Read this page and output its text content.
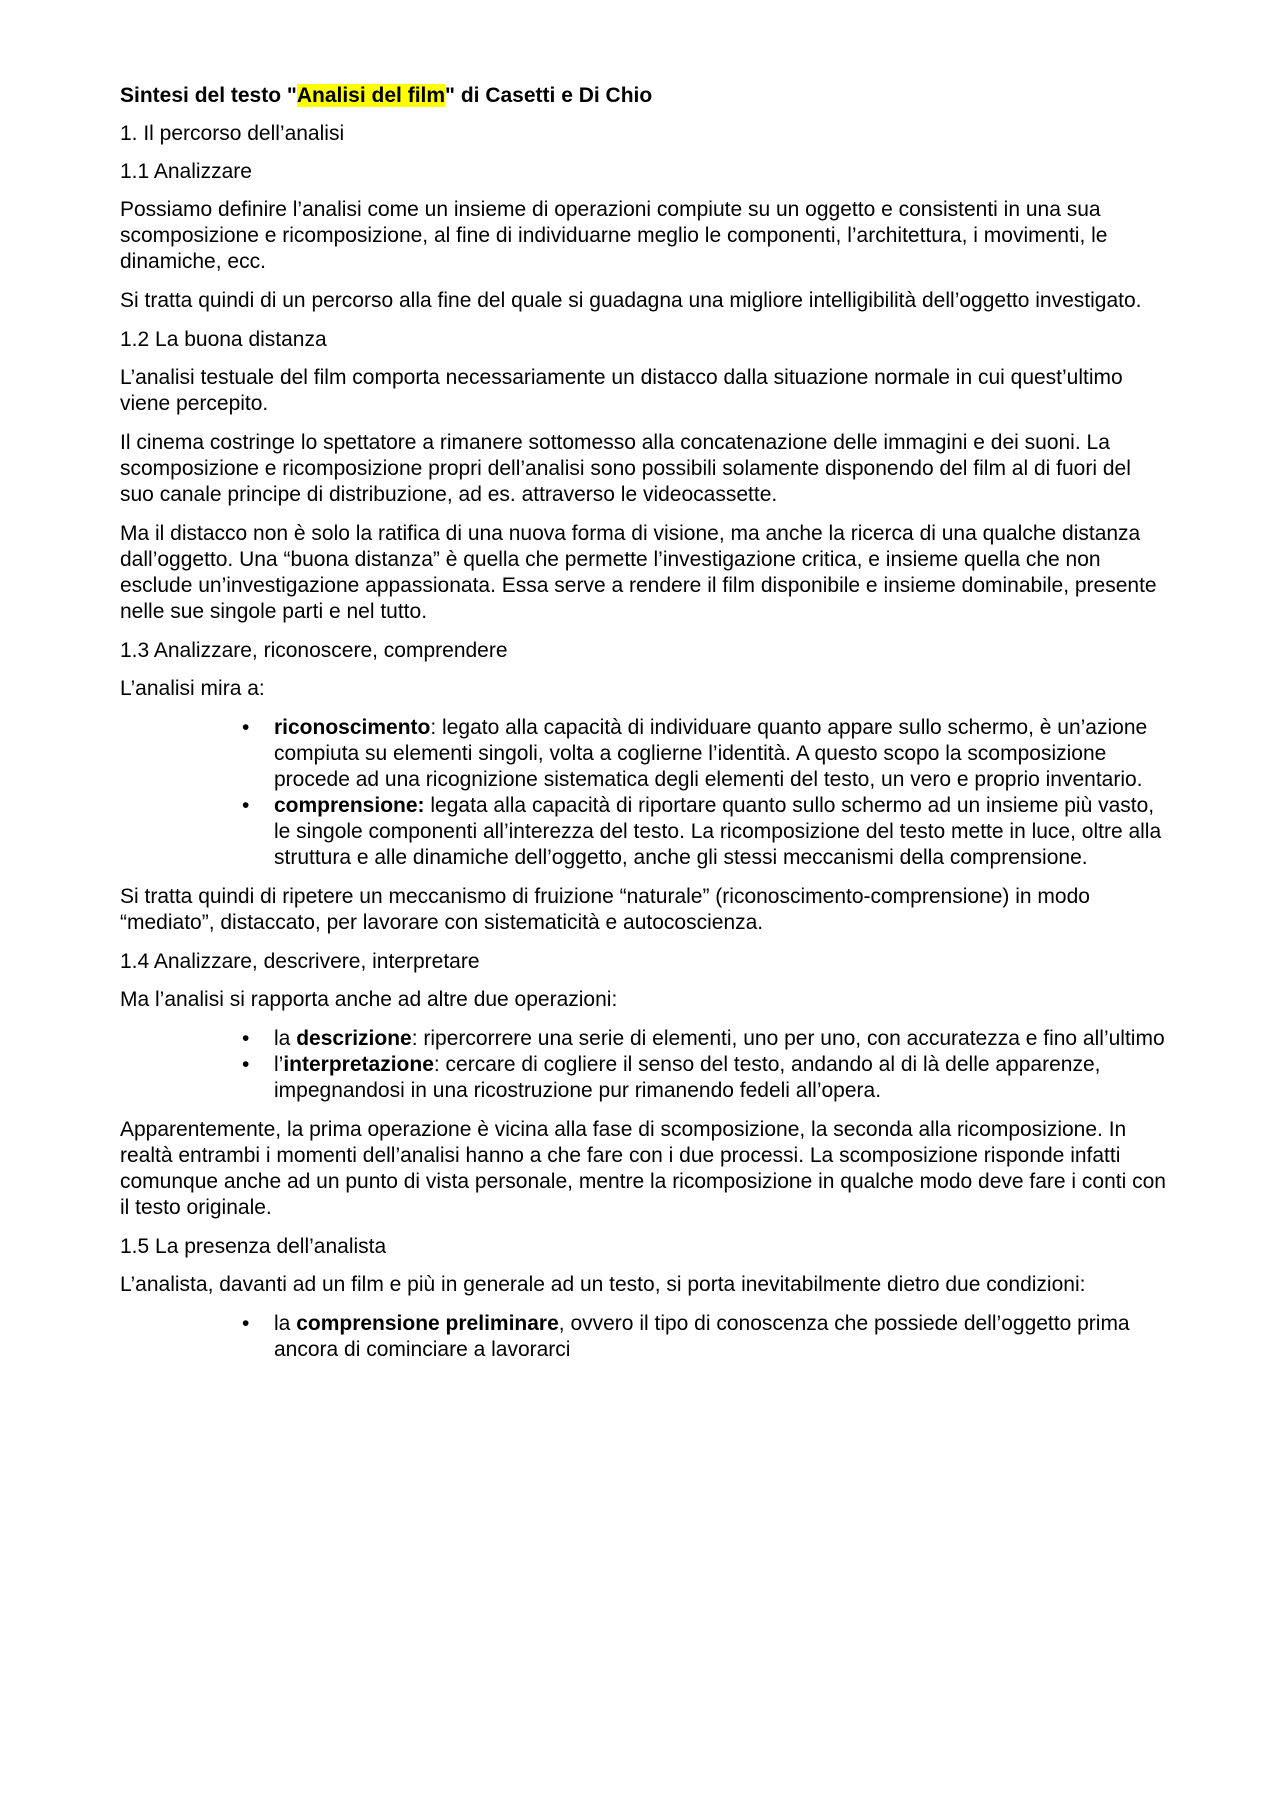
Sintesi del testo "Analisi del film" di Casetti e Di Chio

1. Il percorso dell’analisi

1.1 Analizzare

Possiamo definire l’analisi come un insieme di operazioni compiute su un oggetto e consistenti in una sua scomposizione e ricomposizione, al fine di individuarne meglio le componenti, l’architettura, i movimenti, le dinamiche, ecc.

Si tratta quindi di un percorso alla fine del quale si guadagna una migliore intelligibilità dell’oggetto investigato.

1.2 La buona distanza

L’analisi testuale del film comporta necessariamente un distacco dalla situazione normale in cui quest’ultimo viene percepito.

Il cinema costringe lo spettatore a rimanere sottomesso alla concatenazione delle immagini e dei suoni. La scomposizione e ricomposizione propri dell’analisi sono possibili solamente disponendo del film al di fuori del suo canale principe di distribuzione, ad es. attraverso le videocassette.

Ma il distacco non è solo la ratifica di una nuova forma di visione, ma anche la ricerca di una qualche distanza dall’oggetto. Una “buona distanza” è quella che permette l’investigazione critica, e insieme quella che non esclude un’investigazione appassionata. Essa serve a rendere il film disponibile e insieme dominabile, presente nelle sue singole parti e nel tutto.

1.3 Analizzare, riconoscere, comprendere

L’analisi mira a:

• riconoscimento: legato alla capacità di individuare quanto appare sullo schermo, è un’azione compiuta su elementi singoli, volta a coglierne l’identità. A questo scopo la scomposizione procede ad una ricognizione sistematica degli elementi del testo, un vero e proprio inventario.
• comprensione: legata alla capacità di riportare quanto sullo schermo ad un insieme più vasto, le singole componenti all’interezza del testo. La ricomposizione del testo mette in luce, oltre alla struttura e alle dinamiche dell’oggetto, anche gli stessi meccanismi della comprensione.

Si tratta quindi di ripetere un meccanismo di fruizione “naturale” (riconoscimento-comprensione) in modo “mediato”, distaccato, per lavorare con sistematicità e autocoscienza.

1.4 Analizzare, descrivere, interpretare

Ma l’analisi si rapporta anche ad altre due operazioni:

• la descrizione: ripercorrere una serie di elementi, uno per uno, con accuratezza e fino all’ultimo
• l’interpretazione: cercare di cogliere il senso del testo, andando al di là delle apparenze, impegnandosi in una ricostruzione pur rimanendo fedeli all’opera.

Apparentemente, la prima operazione è vicina alla fase di scomposizione, la seconda alla ricomposizione. In realtà entrambi i momenti dell’analisi hanno a che fare con i due processi. La scomposizione risponde infatti comunque anche ad un punto di vista personale, mentre la ricomposizione in qualche modo deve fare i conti con il testo originale.

1.5 La presenza dell’analista

L’analista, davanti ad un film e più in generale ad un testo, si porta inevitabilmente dietro due condizioni:

• la comprensione preliminare, ovvero il tipo di conoscenza che possiede dell’oggetto prima ancora di cominciare a lavorarci
